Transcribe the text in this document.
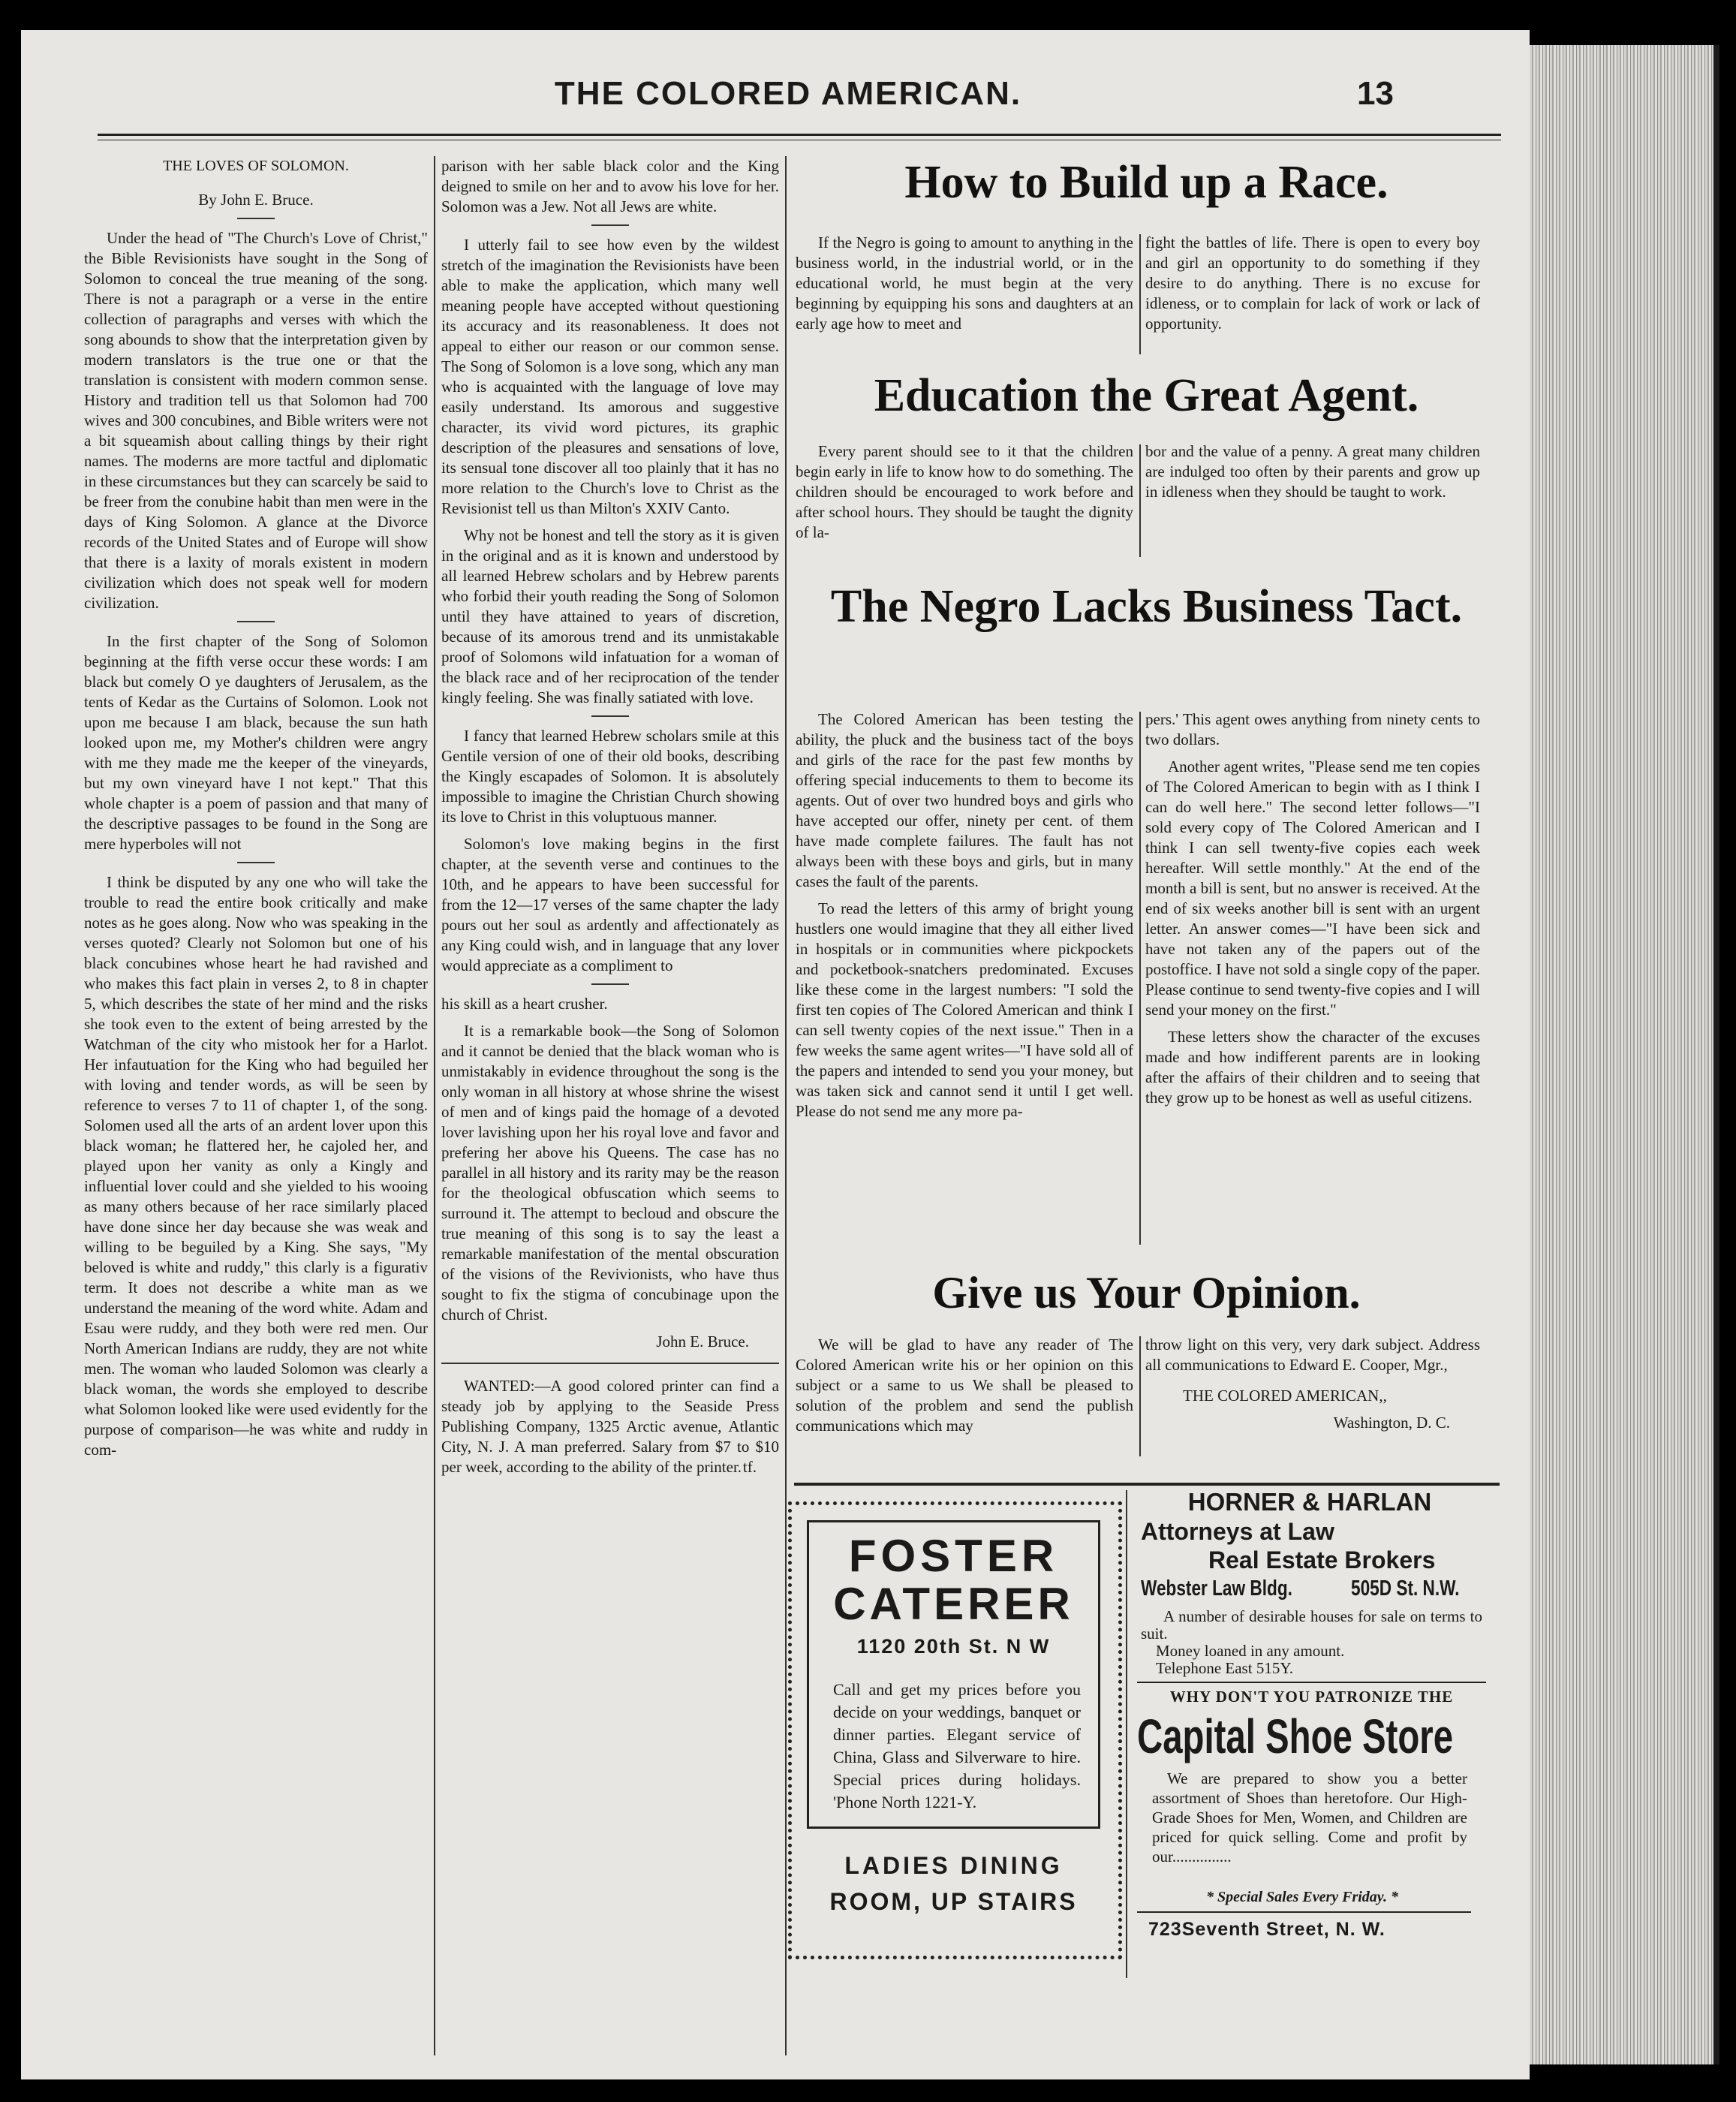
THE COLORED AMERICAN.	13

THE LOVES OF SOLOMON.

By John E. Bruce.

Under the head of "The Church's Love of Christ," the Bible Revisionists have sought in the Song of Solomon to conceal the true meaning of the song. There is not a paragraph or a verse in the entire collection of paragraphs and verses with which the song abounds to show that the interpretation given by modern translators is the true one or that the translation is consistent with modern common sense. History and tradition tell us that Solomon had 700 wives and 300 concubines, and Bible writers were not a bit squeamish about calling things by their right names. The moderns are more tactful and diplomatic in these circumstances but they can scarcely be said to be freer from the conubine habit than men were in the days of King Solomon. A glance at the Divorce records of the United States and of Europe will show that there is a laxity of morals existent in modern civilization which does not speak well for modern civilization.

In the first chapter of the Song of Solomon beginning at the fifth verse occur these words: I am black but comely O ye daughters of Jerusalem, as the tents of Kedar as the Curtains of Solomon. Look not upon me because I am black, because the sun hath looked upon me, my Mother's children were angry with me they made me the keeper of the vineyards, but my own vineyard have I not kept." That this whole chapter is a poem of passion and that many of the descriptive passages to be found in the Song are mere hyperboles will not

I think be disputed by any one who will take the trouble to read the entire book critically and make notes as he goes along. Now who was speaking in the verses quoted? Clearly not Solomon but one of his black concubines whose heart he had ravished and who makes this fact plain in verses 2, to 8 in chapter 5, which describes the state of her mind and the risks she took even to the extent of being arrested by the Watchman of the city who mistook her for a Harlot. Her infautuation for the King who had beguiled her with loving and tender words, as will be seen by reference to verses 7 to 11 of chapter 1, of the song. Solomen used all the arts of an ardent lover upon this black woman; he flattered her, he cajoled her, and played upon her vanity as only a Kingly and influential lover could and she yielded to his wooing as many others because of her race similarly placed have done since her day because she was weak and willing to be beguiled by a King. She says, "My beloved is white and ruddy," this clarly is a figurativ term. It does not describe a white man as we understand the meaning of the word white. Adam and Esau were ruddy, and they both were red men. Our North American Indians are ruddy, they are not white men. The woman who lauded Solomon was clearly a black woman, the words she employed to describe what Solomon looked like were used evidently for the purpose of comparison—he was white and ruddy in com-

parison with her sable black color and the King deigned to smile on her and to avow his love for her. Solomon was a Jew. Not all Jews are white.

I utterly fail to see how even by the wildest stretch of the imagination the Revisionists have been able to make the application, which many well meaning people have accepted without questioning its accuracy and its reasonableness. It does not appeal to either our reason or our common sense. The Song of Solomon is a love song, which any man who is acquainted with the language of love may easily understand. Its amorous and suggestive character, its vivid word pictures, its graphic description of the pleasures and sensations of love, its sensual tone discover all too plainly that it has no more relation to the Church's love to Christ as the Revisionist tell us than Milton's XXIV Canto.

Why not be honest and tell the story as it is given in the original and as it is known and understood by all learned Hebrew scholars and by Hebrew parents who forbid their youth reading the Song of Solomon until they have attained to years of discretion, because of its amorous trend and its unmistakable proof of Solomons wild infatuation for a woman of the black race and of her reciprocation of the tender kingly feeling. She was finally satiated with love.

I fancy that learned Hebrew scholars smile at this Gentile version of one of their old books, describing the Kingly escapades of Solomon. It is absolutely impossible to imagine the Christian Church showing its love to Christ in this voluptuous manner.

Solomon's love making begins in the first chapter, at the seventh verse and continues to the 10th, and he appears to have been successful for from the 12—17 verses of the same chapter the lady pours out her soul as ardently and affectionately as any King could wish, and in language that any lover would appreciate as a compliment to

his skill as a heart crusher.

It is a remarkable book—the Song of Solomon and it cannot be denied that the black woman who is unmistakably in evidence throughout the song is the only woman in all history at whose shrine the wisest of men and of kings paid the homage of a devoted lover lavishing upon her his royal love and favor and prefering her above his Queens. The case has no parallel in all history and its rarity may be the reason for the theological obfuscation which seems to surround it. The attempt to becloud and obscure the true meaning of this song is to say the least a remarkable manifestation of the mental obscuration of the visions of the Revivionists, who have thus sought to fix the stigma of concubinage upon the church of Christ.

John E. Bruce.

WANTED:—A good colored printer can find a steady job by applying to the Seaside Press Publishing Company, 1325 Arctic avenue, Atlantic City, N. J. A man preferred. Salary from $7 to $10 per week, according to the ability of the printer. tf.

How to Build up a Race.

If the Negro is going to amount to anything in the business world, in the industrial world, or in the educational world, he must begin at the very beginning by equipping his sons and daughters at an early age how to meet and

fight the battles of life. There is open to every boy and girl an opportunity to do something if they desire to do anything. There is no excuse for idleness, or to complain for lack of work or lack of opportunity.

Education the Great Agent.

Every parent should see to it that the children begin early in life to know how to do something. The children should be encouraged to work before and after school hours. They should be taught the dignity of la-

bor and the value of a penny. A great many children are indulged too often by their parents and grow up in idleness when they should be taught to work.

The Negro Lacks Business Tact.

The Colored American has been testing the ability, the pluck and the business tact of the boys and girls of the race for the past few months by offering special inducements to them to become its agents. Out of over two hundred boys and girls who have accepted our offer, ninety per cent. of them have made complete failures. The fault has not always been with these boys and girls, but in many cases the fault of the parents.

To read the letters of this army of bright young hustlers one would imagine that they all either lived in hospitals or in communities where pickpockets and pocketbook-snatchers predominated. Excuses like these come in the largest numbers: "I sold the first ten copies of The Colored American and think I can sell twenty copies of the next issue." Then in a few weeks the same agent writes—"I have sold all of the papers and intended to send you your money, but was taken sick and cannot send it until I get well. Please do not send me any more pa-

pers.' This agent owes anything from ninety cents to two dollars.

Another agent writes, "Please send me ten copies of The Colored American to begin with as I think I can do well here." The second letter follows—"I sold every copy of The Colored American and I think I can sell twenty-five copies each week hereafter. Will settle monthly." At the end of the month a bill is sent, but no answer is received. At the end of six weeks another bill is sent with an urgent letter. An answer comes—"I have been sick and have not taken any of the papers out of the postoffice. I have not sold a single copy of the paper. Please continue to send twenty-five copies and I will send your money on the first."

These letters show the character of the excuses made and how indifferent parents are in looking after the affairs of their children and to seeing that they grow up to be honest as well as useful citizens.

Give us Your Opinion.

We will be glad to have any reader of The Colored American write his or her opinion on this subject or a same to us We shall be pleased to solution of the problem and send the publish communications which may

throw light on this very, very dark subject. Address all communications to Edward E. Cooper, Mgr.,

THE COLORED AMERICAN,,

Washington, D. C.

FOSTER
CATERER
1120 20th St. N W
Call and get my prices before you decide on your weddings, banquet or dinner parties. Elegant service of China, Glass and Silverware to hire. Special prices during holidays. 'Phone North 1221-Y.
LADIES DINING
ROOM, UP STAIRS
HORNER & HARLAN
Attorneys at Law
Real Estate Brokers
Webster Law Bldg.	505D St. N.W.
A number of desirable houses for sale on terms to suit.
Money loaned in any amount.
Telephone East 515Y.
WHY DON'T YOU PATRONIZE THE
Capital Shoe Store
We are prepared to show you a better assortment of Shoes than heretofore. Our High-Grade Shoes for Men, Women, and Children are priced for quick selling. Come and profit by our...............
* Special Sales Every Friday. *
723Seventh Street, N. W.
